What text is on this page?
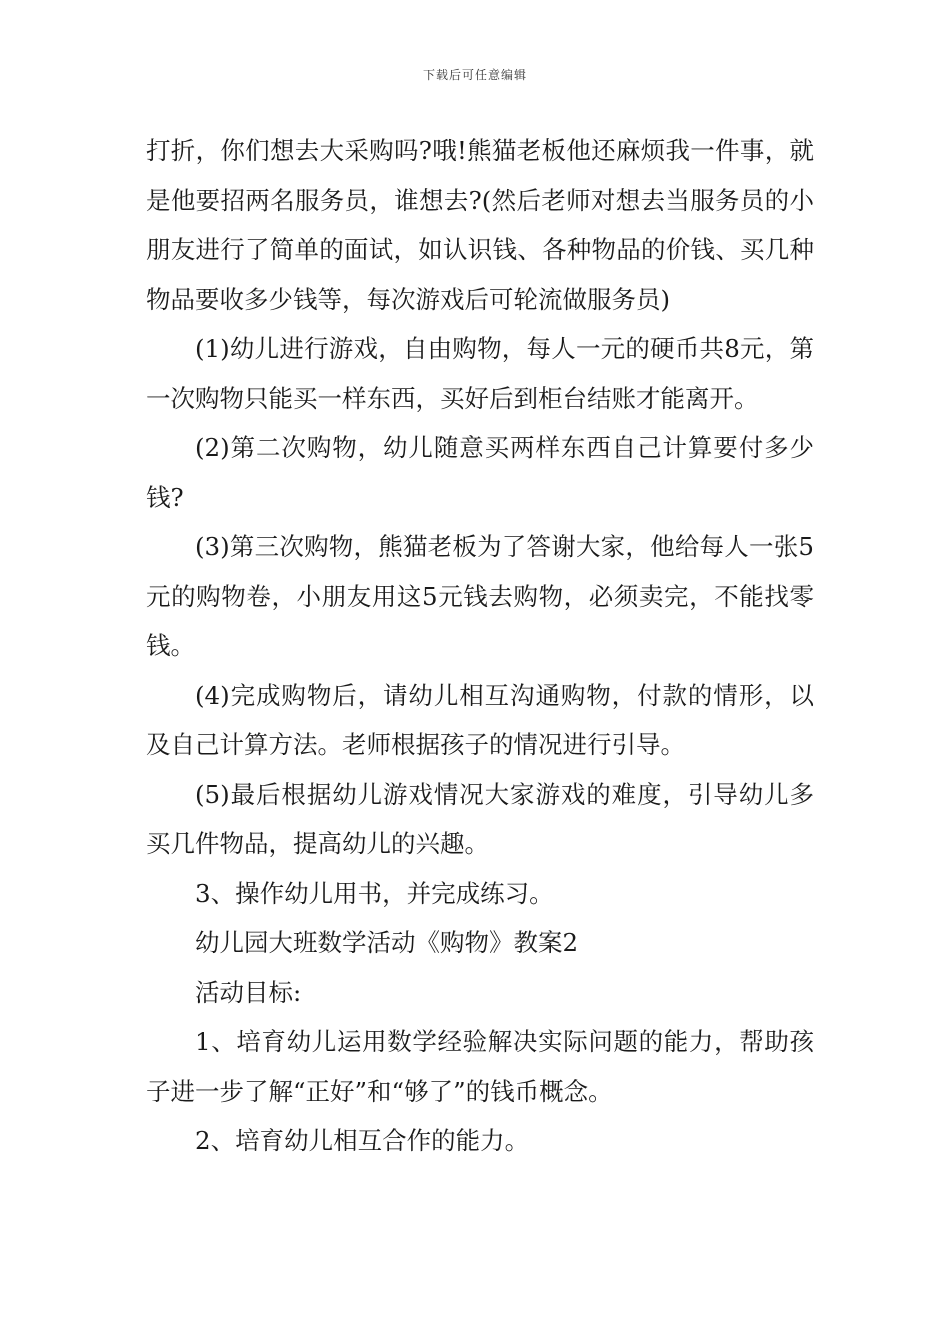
下载后可任意编辑

打折，你们想去大采购吗?哦!熊猫老板他还麻烦我一件事，就是他要招两名服务员，谁想去?(然后老师对想去当服务员的小朋友进行了简单的面试，如认识钱、各种物品的价钱、买几种物品要收多少钱等，每次游戏后可轮流做服务员)

(1)幼儿进行游戏，自由购物，每人一元的硬币共8元，第一次购物只能买一样东西，买好后到柜台结账才能离开。

(2)第二次购物，幼儿随意买两样东西自己计算要付多少钱?

(3)第三次购物，熊猫老板为了答谢大家，他给每人一张5元的购物卷，小朋友用这5元钱去购物，必须卖完，不能找零钱。

(4)完成购物后，请幼儿相互沟通购物，付款的情形，以及自己计算方法。老师根据孩子的情况进行引导。

(5)最后根据幼儿游戏情况大家游戏的难度，引导幼儿多买几件物品，提高幼儿的兴趣。

3、操作幼儿用书，并完成练习。

幼儿园大班数学活动《购物》教案2

活动目标:

1、培育幼儿运用数学经验解决实际问题的能力，帮助孩子进一步了解“正好”和“够了”的钱币概念。

2、培育幼儿相互合作的能力。
